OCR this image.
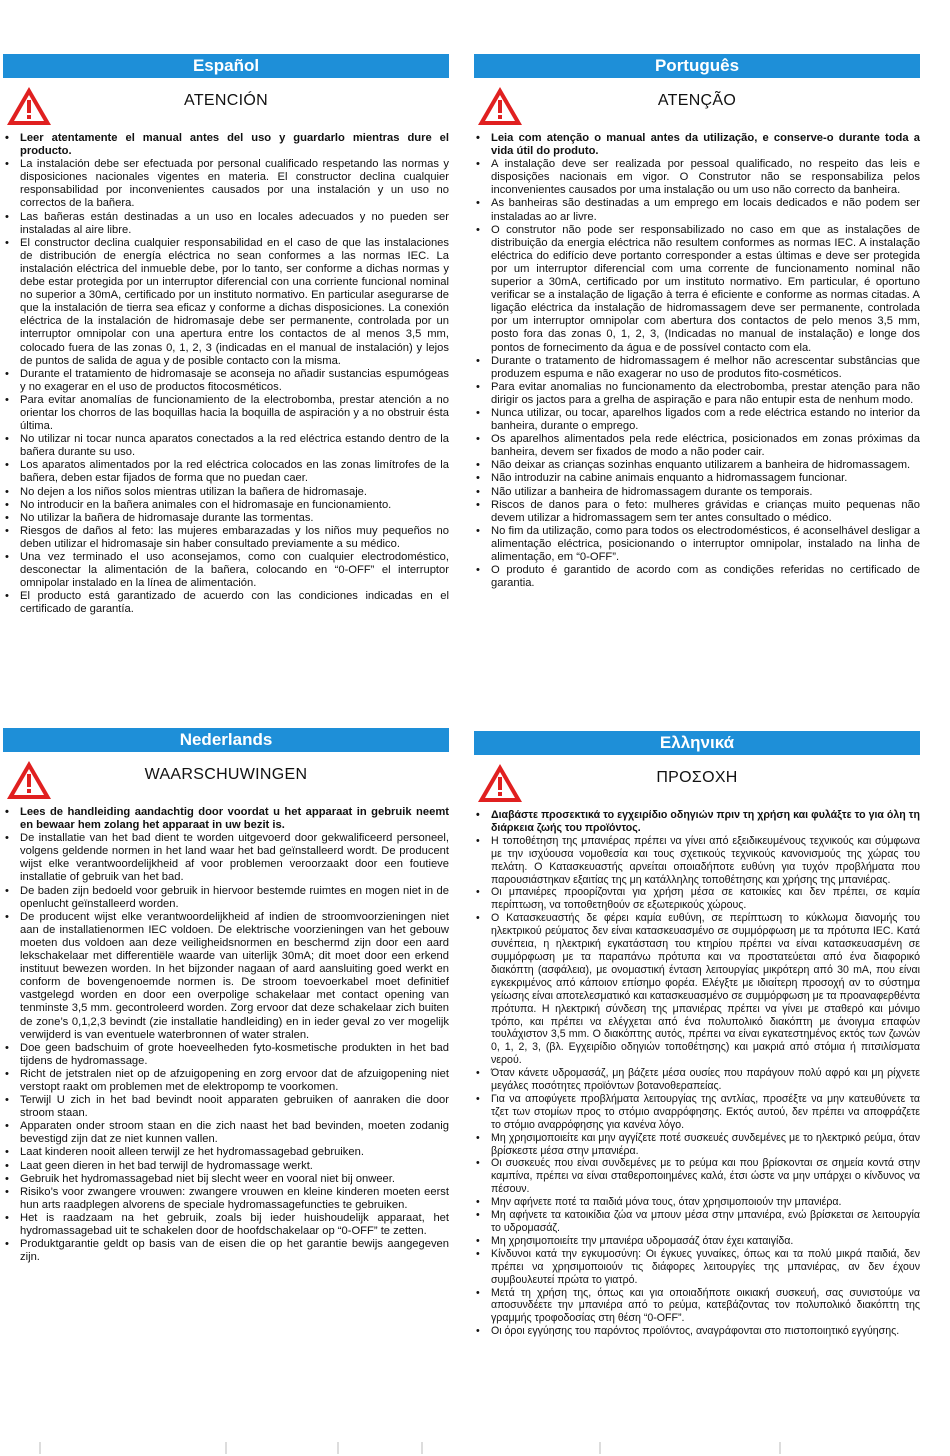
Español
ATENCIÓN
• Leer atentamente el manual antes del uso y guardarlo mientras dure el producto.
• La instalación debe ser efectuada por personal cualificado respetando las normas y disposiciones nacionales vigentes en materia. El constructor declina cualquier responsabilidad por inconvenientes causados por una instalación y un uso no correctos de la bañera.
• Las bañeras están destinadas a un uso en locales adecuados y no pueden ser instaladas al aire libre.
• El constructor declina cualquier responsabilidad en el caso de que las instalaciones de distribución de energía eléctrica no sean conformes a las normas IEC. La instalación eléctrica del inmueble debe, por lo tanto, ser conforme a dichas normas y debe estar protegida por un interruptor diferencial con una corriente funcional nominal no superior a 30mA, certificado por un instituto normativo. En particular asegurarse de que la instalación de tierra sea eficaz y conforme a dichas disposiciones. La conexión eléctrica de la instalación de hidromasaje debe ser permanente, controlada por un interruptor omnipolar con una apertura entre los contactos de al menos 3,5 mm, colocado fuera de las zonas 0, 1, 2, 3 (indicadas en el manual de instalación) y lejos de puntos de salida de agua y de posible contacto con la misma.
• Durante el tratamiento de hidromasaje se aconseja no añadir sustancias espumógeas y no exagerar en el uso de productos fitocosméticos.
• Para evitar anomalías de funcionamiento de la electrobomba, prestar atención a no orientar los chorros de las boquillas hacia la boquilla de aspiración y a no obstruir ésta última.
• No utilizar ni tocar nunca aparatos conectados a la red eléctrica estando dentro de la bañera durante su uso.
• Los aparatos alimentados por la red eléctrica colocados en las zonas limítrofes de la bañera, deben estar fijados de forma que no puedan caer.
• No dejen a los niños solos mientras utilizan la bañera de hidromasaje.
• No introducir en la bañera animales con el hidromasaje en funcionamiento.
• No utilizar la bañera de hidromasaje durante las tormentas.
• Riesgos de daños al feto: las mujeres embarazadas y los niños muy pequeños no deben utilizar el hidromasaje sin haber consultado previamente a su médico.
• Una vez terminado el uso aconsejamos, como con cualquier electrodoméstico, desconectar la alimentación de la bañera, colocando en “0-OFF” el interruptor omnipolar instalado en la línea de alimentación.
• El producto está garantizado de acuerdo con las condiciones indicadas en el certificado de garantía.
Português
ATENÇÃO
• Leia com atenção o manual antes da utilização, e conserve-o durante toda a vida útil do produto.
• A instalação deve ser realizada por pessoal qualificado, no respeito das leis e disposições nacionais em vigor. O Construtor não se responsabiliza pelos inconvenientes causados por uma instalação ou um uso não correcto da banheira.
• As banheiras são destinadas a um emprego em locais dedicados e não podem ser instaladas ao ar livre.
• O construtor não pode ser responsabilizado no caso em que as instalações de distribuição da energia eléctrica não resultem conformes as normas IEC. A instalação eléctrica do edifício deve portanto corresponder a estas últimas e deve ser protegida por um interruptor diferencial com uma corrente de funcionamento nominal não superior a 30mA, certificado por um instituto normativo. Em particular, é oportuno verificar se a instalação de ligação à terra é eficiente e conforme as normas citadas. A ligação eléctrica da instalação de hidromassagem deve ser permanente, controlada por um interruptor omnipolar com abertura dos contactos de pelo menos 3,5 mm, posto fora das zonas 0, 1, 2, 3, (Indicadas no manual de instalação) e longe dos pontos de fornecimento da água e de possível contacto com ela.
• Durante o tratamento de hidromassagem é melhor não acrescentar substâncias que produzem espuma e não exagerar no uso de produtos fito-cosméticos.
• Para evitar anomalias no funcionamento da electrobomba, prestar atenção para não dirigir os jactos para a grelha de aspiração e para não entupir esta de nenhum modo.
• Nunca utilizar, ou tocar, aparelhos ligados com a rede eléctrica estando no interior da banheira, durante o emprego.
• Os aparelhos alimentados pela rede eléctrica, posicionados em zonas próximas da banheira, devem ser fixados de modo a não poder cair.
• Não deixar as crianças sozinhas enquanto utilizarem a banheira de hidromassagem.
• Não introduzir na cabine animais enquanto a hidromassagem funcionar.
• Não utilizar a banheira de hidromassagem durante os temporais.
• Riscos de danos para o feto: mulheres grávidas e crianças muito pequenas não devem utilizar a hidromassagem sem ter antes consultado o médico.
• No fim da utilização, como para todos os electrodomésticos, é aconselhável desligar a alimentação eléctrica, posicionando o interruptor omnipolar, instalado na linha de alimentação, em “0-OFF”.
• O produto é garantido de acordo com as condições referidas no certificado de garantia.
Nederlands
WAARSCHUWINGEN
• Lees de handleiding aandachtig door voordat u het apparaat in gebruik neemt en bewaar hem zolang het apparaat in uw bezit is.
• De installatie van het bad dient te worden uitgevoerd door gekwalificeerd personeel, volgens geldende normen in het land waar het bad geïnstalleerd wordt. De producent wijst elke verantwoordelijkheid af voor problemen veroorzaakt door een foutieve installatie of gebruik van het bad.
• De baden zijn bedoeld voor gebruik in hiervoor bestemde ruimtes en mogen niet in de openlucht geïnstalleerd worden.
• De producent wijst elke verantwoordelijkheid af indien de stroomvoorzieningen niet aan de installatienormen IEC voldoen. De elektrische voorzieningen van het gebouw moeten dus voldoen aan deze veiligheidsnormen en beschermd zijn door een aard lekschakelaar met differentiële waarde van uiterlijk 30mA; dit moet door een erkend instituut bewezen worden. In het bijzonder nagaan of aard aansluiting goed werkt en conform de bovengenoemde normen is. De stroom toevoerkabel moet definitief vastgelegd worden en door een overpolige schakelaar met contact opening van tenminste 3,5 mm. gecontroleerd worden. Zorg ervoor dat deze schakelaar zich buiten de zone’s 0,1,2,3 bevindt (zie installatie handleiding) en in ieder geval zo ver mogelijk verwijderd is van eventuele waterbronnen of water stralen.
• Doe geen badschuim of grote hoeveelheden fyto-kosmetische produkten in het bad tijdens de hydromassage.
• Richt de jetstralen niet op de afzuigopening en zorg ervoor dat de afzuigopening niet verstopt raakt om problemen met de elektropomp te voorkomen.
• Terwijl U zich in het bad bevindt nooit apparaten gebruiken of aanraken die door stroom staan.
• Apparaten onder stroom staan en die zich naast het bad bevinden, moeten zodanig bevestigd zijn dat ze niet kunnen vallen.
• Laat kinderen nooit alleen terwijl ze het hydromassagebad gebruiken.
• Laat geen dieren in het bad terwijl de hydromassage werkt.
• Gebruik het hydromassagebad niet bij slecht weer en vooral niet bij onweer.
• Risiko’s voor zwangere vrouwen: zwangere vrouwen en kleine kinderen moeten eerst hun arts raadplegen alvorens de speciale hydromassagefuncties te gebruiken.
• Het is raadzaam na het gebruik, zoals bij ieder huishoudelijk apparaat, het hydromassagebad uit te schakelen door de hoofdschakelaar op “0-OFF” te zetten.
• Produktgarantie geldt op basis van de eisen die op het garantie bewijs aangegeven zijn.
Ελληνικά
ΠΡΟΣΟΧΗ
• Διαβάστε προσεκτικά το εγχειρίδιο οδηγιών πριν τη χρήση και φυλάξτε το για όλη τη διάρκεια ζωής του προϊόντος.
• Η τοποθέτηση της μπανιέρας πρέπει να γίνει από εξειδικευμένους τεχνικούς και σύμφωνα με την ισχύουσα νομοθεσία και τους σχετικούς τεχνικούς κανονισμούς της χώρας του πελάτη. Ο Κατασκευαστής αρνείται οποιαδήποτε ευθύνη για τυχόν προβλήματα που παρουσιάστηκαν εξαιτίας της μη κατάλληλης τοποθέτησης και χρήσης της μπανιέρας.
• Οι μπανιέρες προορίζονται για χρήση μέσα σε κατοικίες και δεν πρέπει, σε καμία περίπτωση, να τοποθετηθούν σε εξωτερικούς χώρους.
• Ο Κατασκευαστής δε φέρει καμία ευθύνη, σε περίπτωση το κύκλωμα διανομής του ηλεκτρικού ρεύματος δεν είναι κατασκευασμένο σε συμμόρφωση με τα πρότυπα IEC. Κατά συνέπεια, η ηλεκτρική εγκατάσταση του κτηρίου πρέπει να είναι κατασκευασμένη σε συμμόρφωση με τα παραπάνω πρότυπα και να προστατεύεται από ένα διαφορικό διακόπτη (ασφάλεια), με ονομαστική ένταση λειτουργίας μικρότερη από 30 mA, που είναι εγκεκριμένος από κάποιον επίσημο φορέα. Ελέγξτε με ιδιαίτερη προσοχή αν το σύστημα γείωσης είναι αποτελεσματικό και κατασκευασμένο σε συμμόρφωση με τα προαναφερθέντα πρότυπα. Η ηλεκτρική σύνδεση της μπανιέρας πρέπει να γίνει με σταθερό και μόνιμο τρόπο, και πρέπει να ελέγχεται από ένα πολυπολικό διακόπτη με άνοιγμα επαφών τουλάχιστον 3,5 mm. Ο διακόπτης αυτός, πρέπει να είναι εγκατεστημένος εκτός των ζωνών 0, 1, 2, 3, (βλ. Εγχειρίδιο οδηγιών τοποθέτησης) και μακριά από στόμια ή πιτσιλίσματα νερού.
• Όταν κάνετε υδρομασάζ, μη βάζετε μέσα ουσίες που παράγουν πολύ αφρό και μη ρίχνετε μεγάλες ποσότητες προϊόντων βοτανοθεραπείας.
• Για να αποφύγετε προβλήματα λειτουργίας της αντλίας, προσέξτε να μην κατευθύνετε τα τζετ των στομίων προς το στόμιο αναρρόφησης. Εκτός αυτού, δεν πρέπει να αποφράζετε το στόμιο αναρρόφησης για κανένα λόγο.
• Μη χρησιμοποιείτε και μην αγγίζετε ποτέ συσκευές συνδεμένες με το ηλεκτρικό ρεύμα, όταν βρίσκεστε μέσα στην μπανιέρα.
• Οι συσκευές που είναι συνδεμένες με το ρεύμα και που βρίσκονται σε σημεία κοντά στην καμπίνα, πρέπει να είναι σταθεροποιημένες καλά, έτσι ώστε να μην υπάρχει ο κίνδυνος να πέσουν.
• Μην αφήνετε ποτέ τα παιδιά μόνα τους, όταν χρησιμοποιούν την μπανιέρα.
• Μη αφήνετε τα κατοικίδια ζώα να μπουν μέσα στην μπανιέρα, ενώ βρίσκεται σε λειτουργία το υδρομασάζ.
• Μη χρησιμοποιείτε την μπανιέρα υδρομασάζ όταν έχει καταιγίδα.
• Κίνδυνοι κατά την εγκυμοσύνη: Οι έγκυες γυναίκες, όπως και τα πολύ μικρά παιδιά, δεν πρέπει να χρησιμοποιούν τις διάφορες λειτουργίες της μπανιέρας, αν δεν έχουν συμβουλευτεί πρώτα το γιατρό.
• Μετά τη χρήση της, όπως και για οποιαδήποτε οικιακή συσκευή, σας συνιστούμε να αποσυνδέετε την μπανιέρα από το ρεύμα, κατεβάζοντας τον πολυπολικό διακόπτη της γραμμής τροφοδοσίας στη θέση “0-OFF”.
• Οι όροι εγγύησης του παρόντος προϊόντος, αναγράφονται στο πιστοποιητικό εγγύησης.
